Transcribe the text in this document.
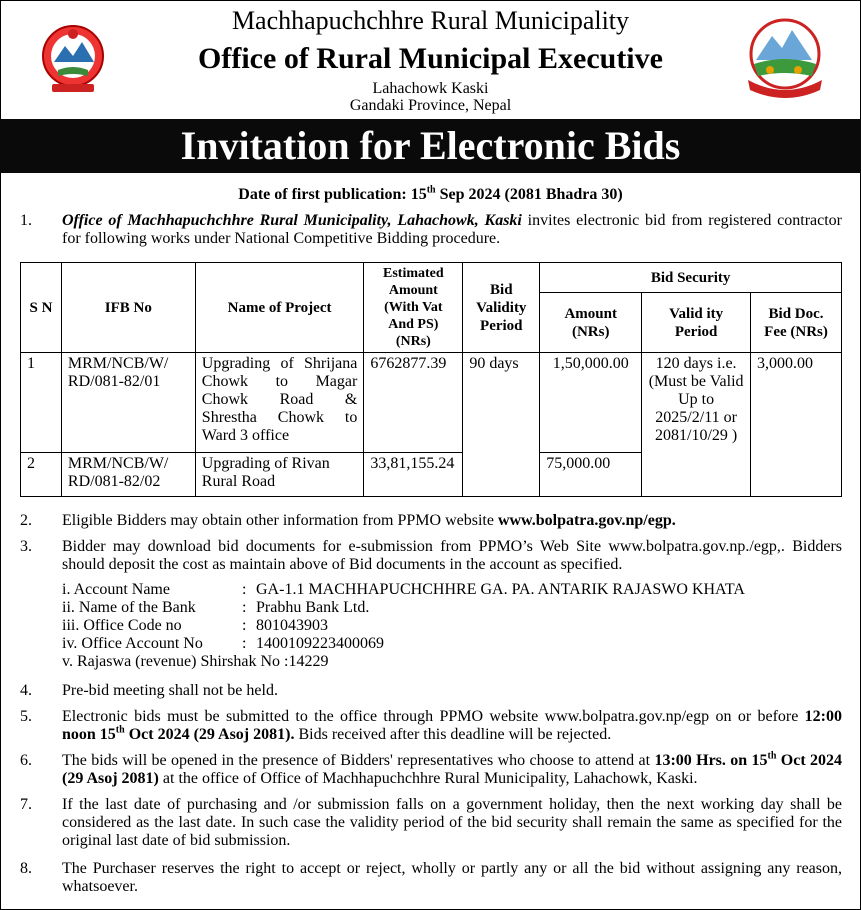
Machhapuchchhre Rural Municipality
Office of Rural Municipal Executive
Lahachowk Kaski
Gandaki Province, Nepal
Invitation for Electronic Bids
Date of first publication: 15th Sep 2024 (2081 Bhadra 30)
1.	Office of Machhapuchchhre Rural Municipality, Lahachowk, Kaski invites electronic bid from registered contractor for following works under National Competitive Bidding procedure.
S N	IFB No	Name of Project	Estimated Amount (With Vat And PS) (NRs)	Bid Validity Period	Bid Security		
					Amount (NRs)	Valid ity Period	Bid Doc. Fee (NRs)
1	MRM/NCB/W/ RD/081-82/01	Upgrading of Shrijana Chowk to Magar Chowk Road & Shrestha Chowk to Ward 3 office	6762877.39	90 days	1,50,000.00	120 days i.e. (Must be Valid Up to 2025/2/11 or 2081/10/29 )	3,000.00
2	MRM/NCB/W/ RD/081-82/02	Upgrading of Rivan Rural Road	33,81,155.24		75,000.00		
2.	Eligible Bidders may obtain other information from PPMO website www.bolpatra.gov.np/egp.
3.	Bidder may download bid documents for e-submission from PPMO’s Web Site www.bolpatra.gov.np./egp,. Bidders should deposit the cost as maintain above of Bid documents in the account as specified.
i. Account Name	: GA-1.1 MACHHAPUCHCHHRE GA. PA. ANTARIK RAJASWO KHATA
ii. Name of the Bank	: Prabhu Bank Ltd.
iii. Office Code no	: 801043903
iv. Office Account No	: 1400109223400069
v. Rajaswa (revenue) Shirshak No :14229
4.	Pre-bid meeting shall not be held.
5.	Electronic bids must be submitted to the office through PPMO website www.bolpatra.gov.np/egp on or before 12:00 noon 15th Oct 2024 (29 Asoj 2081). Bids received after this deadline will be rejected.
6.	The bids will be opened in the presence of Bidders' representatives who choose to attend at 13:00 Hrs. on 15th Oct 2024 (29 Asoj 2081) at the office of Office of Machhapuchchhre Rural Municipality, Lahachowk, Kaski.
7.	If the last date of purchasing and /or submission falls on a government holiday, then the next working day shall be considered as the last date. In such case the validity period of the bid security shall remain the same as specified for the original last date of bid submission.
8.	The Purchaser reserves the right to accept or reject, wholly or partly any or all the bid without assigning any reason, whatsoever.
